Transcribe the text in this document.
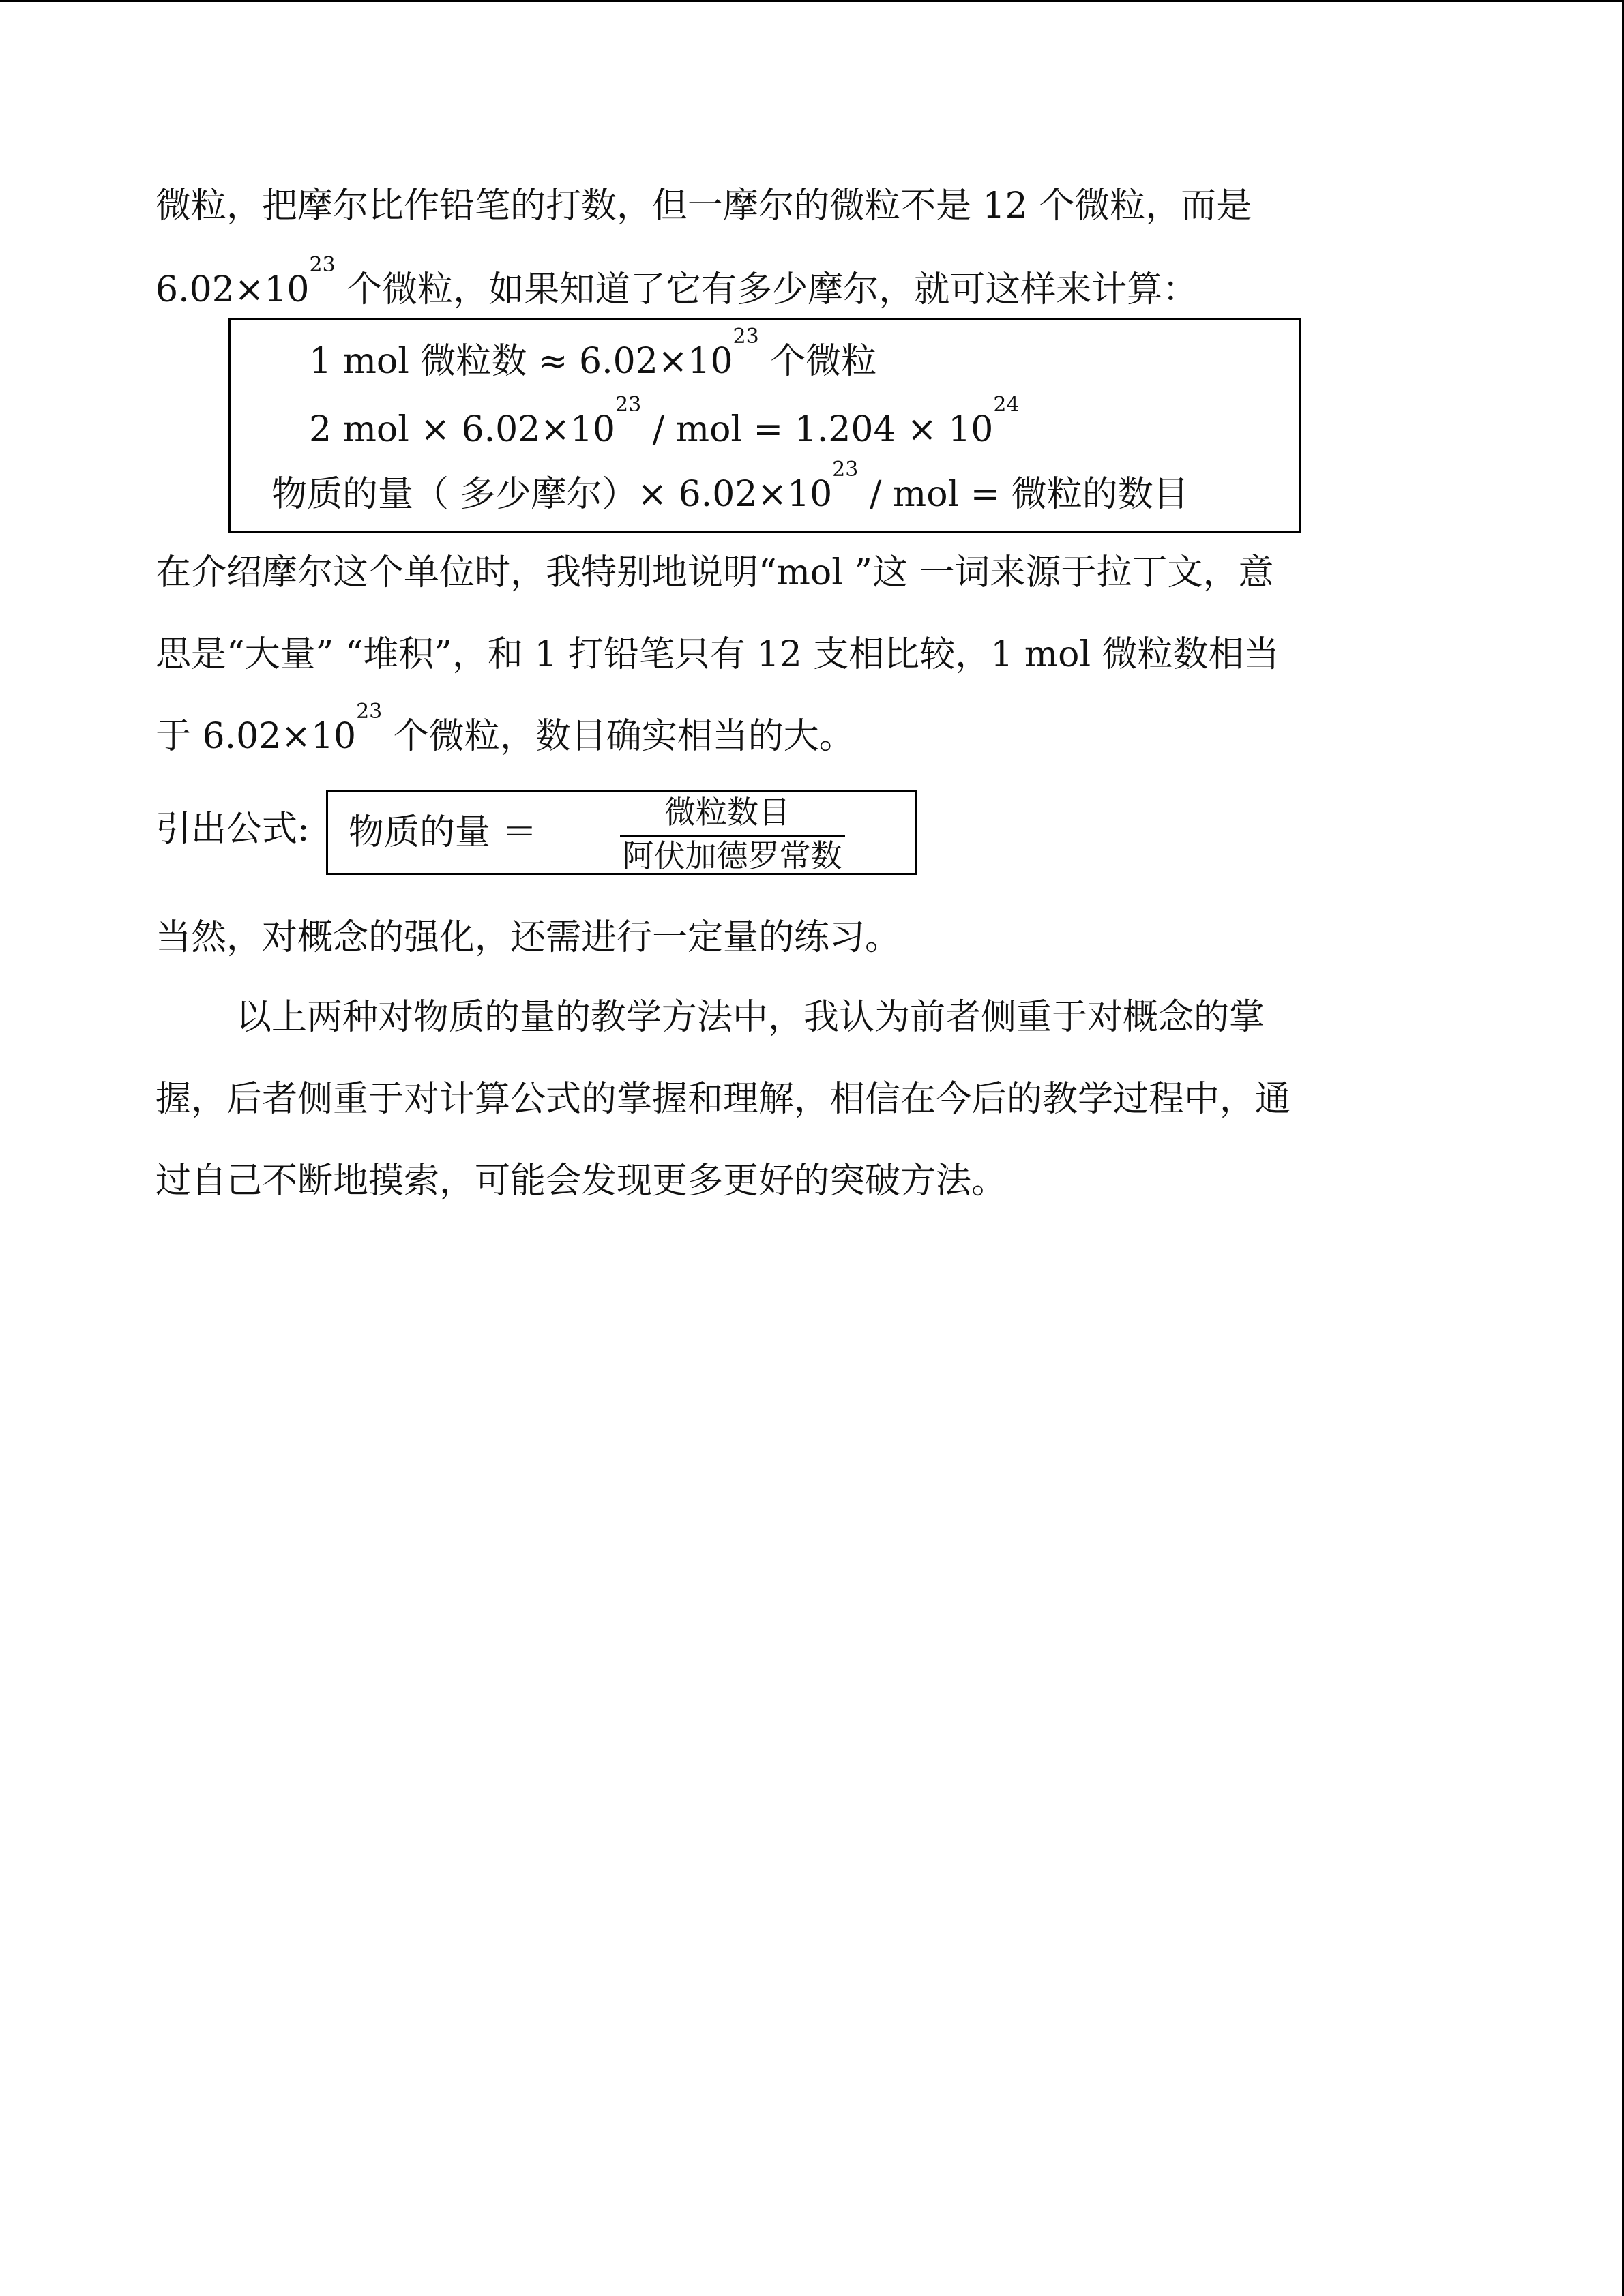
微粒，把摩尔比作铅笔的打数，但一摩尔的微粒不是 12 个微粒，而是
$6.02\times 10^{23}$ 个微粒，如果知道了它有多少摩尔，就可这样来计算：
1 mol 微粒数 ≈ $6.02\times 10^{23}$ 个微粒
2 mol × $6.02\times 10^{23}$ / mol = $1.204 \times 10^{24}$
物质的量（ 多少摩尔）× $6.02\times 10^{23}$ / mol = 微粒的数目
在介绍摩尔这个单位时，我特别地说明“mol ”这 一词来源于拉丁文，意
思是“大量” “堆积”，和 1 打铅笔只有 12 支相比较，1 mol 微粒数相当
于 $6.02\times 10^{23}$ 个微粒，数目确实相当的大。
引出公式: 物质的量 ＝	微粒数目
阿伏加德罗常数
当然，对概念的强化，还需进行一定量的练习。
以上两种对物质的量的教学方法中，我认为前者侧重于对概念的掌
握，后者侧重于对计算公式的掌握和理解，相信在今后的教学过程中，通
过自己不断地摸索，可能会发现更多更好的突破方法。
